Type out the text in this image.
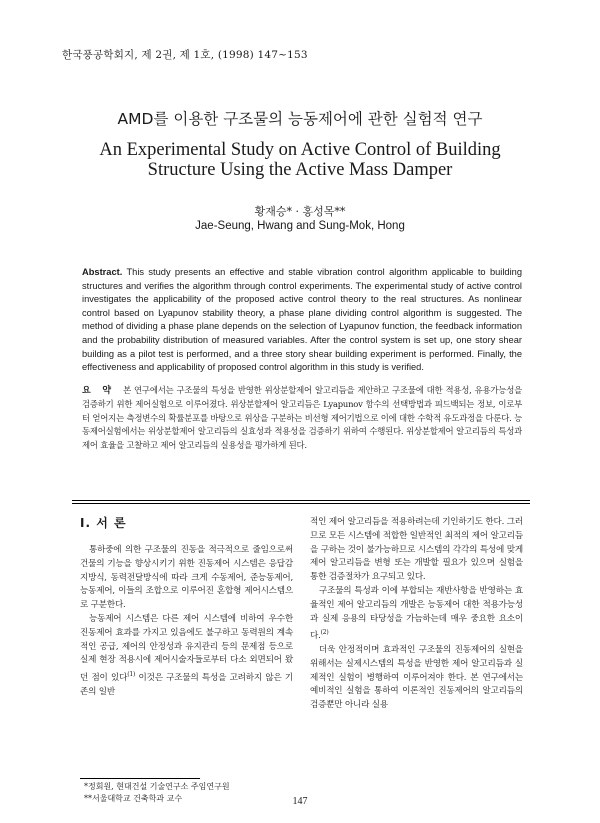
한국풍공학회지, 제 2권, 제 1호, (1998) 147~153
AMD를 이용한 구조물의 능동제어에 관한 실험적 연구
An Experimental Study on Active Control of Building
Structure Using the Active Mass Damper
황재승* · 홍성목**
Jae-Seung, Hwang and Sung-Mok, Hong
Abstract. This study presents an effective and stable vibration control algorithm applicable to building structures and verifies the algorithm through control experiments. The experimental study of active control investigates the applicability of the proposed active control theory to the real structures. As nonlinear control based on Lyapunov stability theory, a phase plane dividing control algorithm is suggested. The method of dividing a phase plane depends on the selection of Lyapunov function, the feedback information and the probability distribution of measured variables. After the control system is set up, one story shear building as a pilot test is performed, and a three story shear building experiment is performed. Finally, the effectiveness and applicability of proposed control algorithm in this study is verified.
요 약 본 연구에서는 구조물의 특성을 반영한 위상분할제어 알고리듬을 제안하고 구조물에 대한 적용성, 유용가능성을 검증하기 위한 제어실험으로 이루어졌다. 위상분할제어 알고리듬은 Lyapunov 함수의 선택방법과 피드백되는 정보, 이로부터 얻어지는 측정변수의 확률분포를 바탕으로 위상을 구분하는 비선형 제어기법으로 이에 대한 수학적 유도과정을 다룬다. 능동제어실험에서는 위상분할제어 알고리듬의 실효성과 적용성을 검증하기 위하여 수행된다. 위상분할제어 알고리듬의 특성과 제어 효율을 고찰하고 제어 알고리듬의 실용성을 평가하게 된다.
I. 서 론

통하중에 의한 구조물의 진동을 적극적으로 줄임으로써 건물의 기능을 향상시키기 위한 진동제어 시스템은 응답감지방식, 동력전달방식에 따라 크게 수동제어, 준능동제어, 능동제어, 이들의 조합으로 이루어진 혼합형 제어시스템으로 구분한다.

능동제어 시스템은 다른 제어 시스템에 비하여 우수한 진동제어 효과를 가지고 있음에도 불구하고 동력원의 계속적인 공급, 제어의 안정성과 유지관리 등의 문제점 등으로 실제 현장 적용시에 제어시술자들로부터 다소 외면되어 왔던 점이 있다$^{(1)}$ 이것은 구조물의 특성을 고려하지 않은 기존의 일반

적인 제어 알고리듬을 적용하려는데 기인하기도 한다. 그러므로 모든 시스템에 적합한 일반적인 최적의 제어 알고리듬을 구하는 것이 불가능하므로 시스템의 각각의 특성에 맞게 제어 알고리듬을 변형 또는 개발할 필요가 있으며 실험을 통한 검증절차가 요구되고 있다.

구조물의 특성과 이에 부합되는 재반사항을 반영하는 효율적인 제어 알고리듬의 개발은 능동제어 대한 적용가능성과 실제 응용의 타당성을 가늠하는데 매우 중요한 요소이다.$^{(2)}$

더욱 안정적이며 효과적인 구조물의 진동제어의 실현을 위해서는 실제시스템의 특성을 반영한 제어 알고리듬과 실제적인 실험이 병행하여 이루어져야 한다. 본 연구에서는 예비적인 실험을 통하여 이론적인 진동제어의 알고리듬의 검증뿐만 아니라 실용

*정회원, 현대건설 기술연구소 주임연구원
**서울대학교 건축학과 교수	147
